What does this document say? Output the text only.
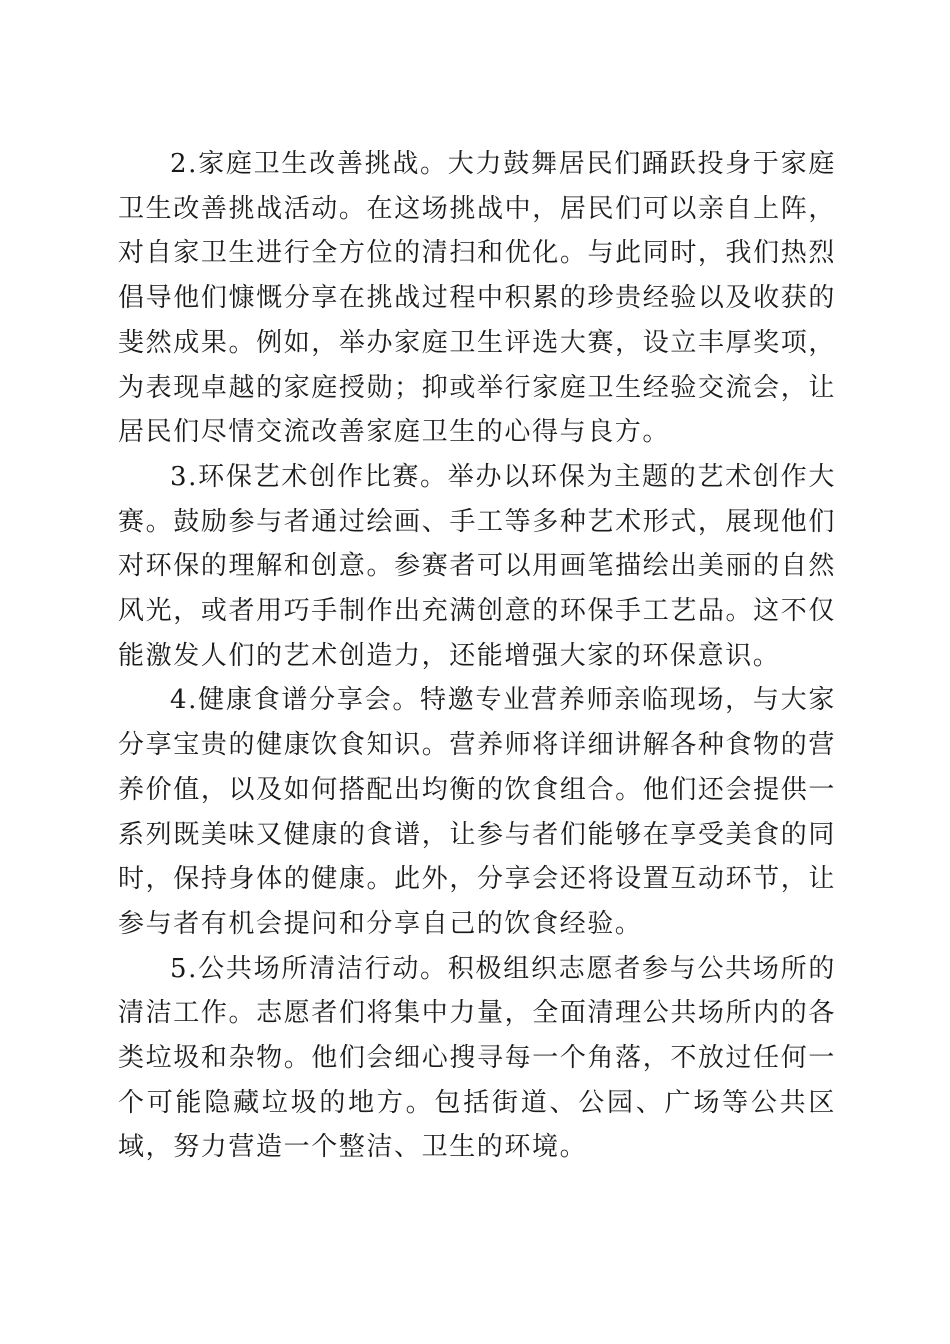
2.家庭卫生改善挑战。大力鼓舞居民们踊跃投身于家庭卫生改善挑战活动。在这场挑战中，居民们可以亲自上阵，对自家卫生进行全方位的清扫和优化。与此同时，我们热烈倡导他们慷慨分享在挑战过程中积累的珍贵经验以及收获的斐然成果。例如，举办家庭卫生评选大赛，设立丰厚奖项，为表现卓越的家庭授勋；抑或举行家庭卫生经验交流会，让居民们尽情交流改善家庭卫生的心得与良方。

3.环保艺术创作比赛。举办以环保为主题的艺术创作大赛。鼓励参与者通过绘画、手工等多种艺术形式，展现他们对环保的理解和创意。参赛者可以用画笔描绘出美丽的自然风光，或者用巧手制作出充满创意的环保手工艺品。这不仅能激发人们的艺术创造力，还能增强大家的环保意识。

4.健康食谱分享会。特邀专业营养师亲临现场，与大家分享宝贵的健康饮食知识。营养师将详细讲解各种食物的营养价值，以及如何搭配出均衡的饮食组合。他们还会提供一系列既美味又健康的食谱，让参与者们能够在享受美食的同时，保持身体的健康。此外，分享会还将设置互动环节，让参与者有机会提问和分享自己的饮食经验。

5.公共场所清洁行动。积极组织志愿者参与公共场所的清洁工作。志愿者们将集中力量，全面清理公共场所内的各类垃圾和杂物。他们会细心搜寻每一个角落，不放过任何一个可能隐藏垃圾的地方。包括街道、公园、广场等公共区域，努力营造一个整洁、卫生的环境。
